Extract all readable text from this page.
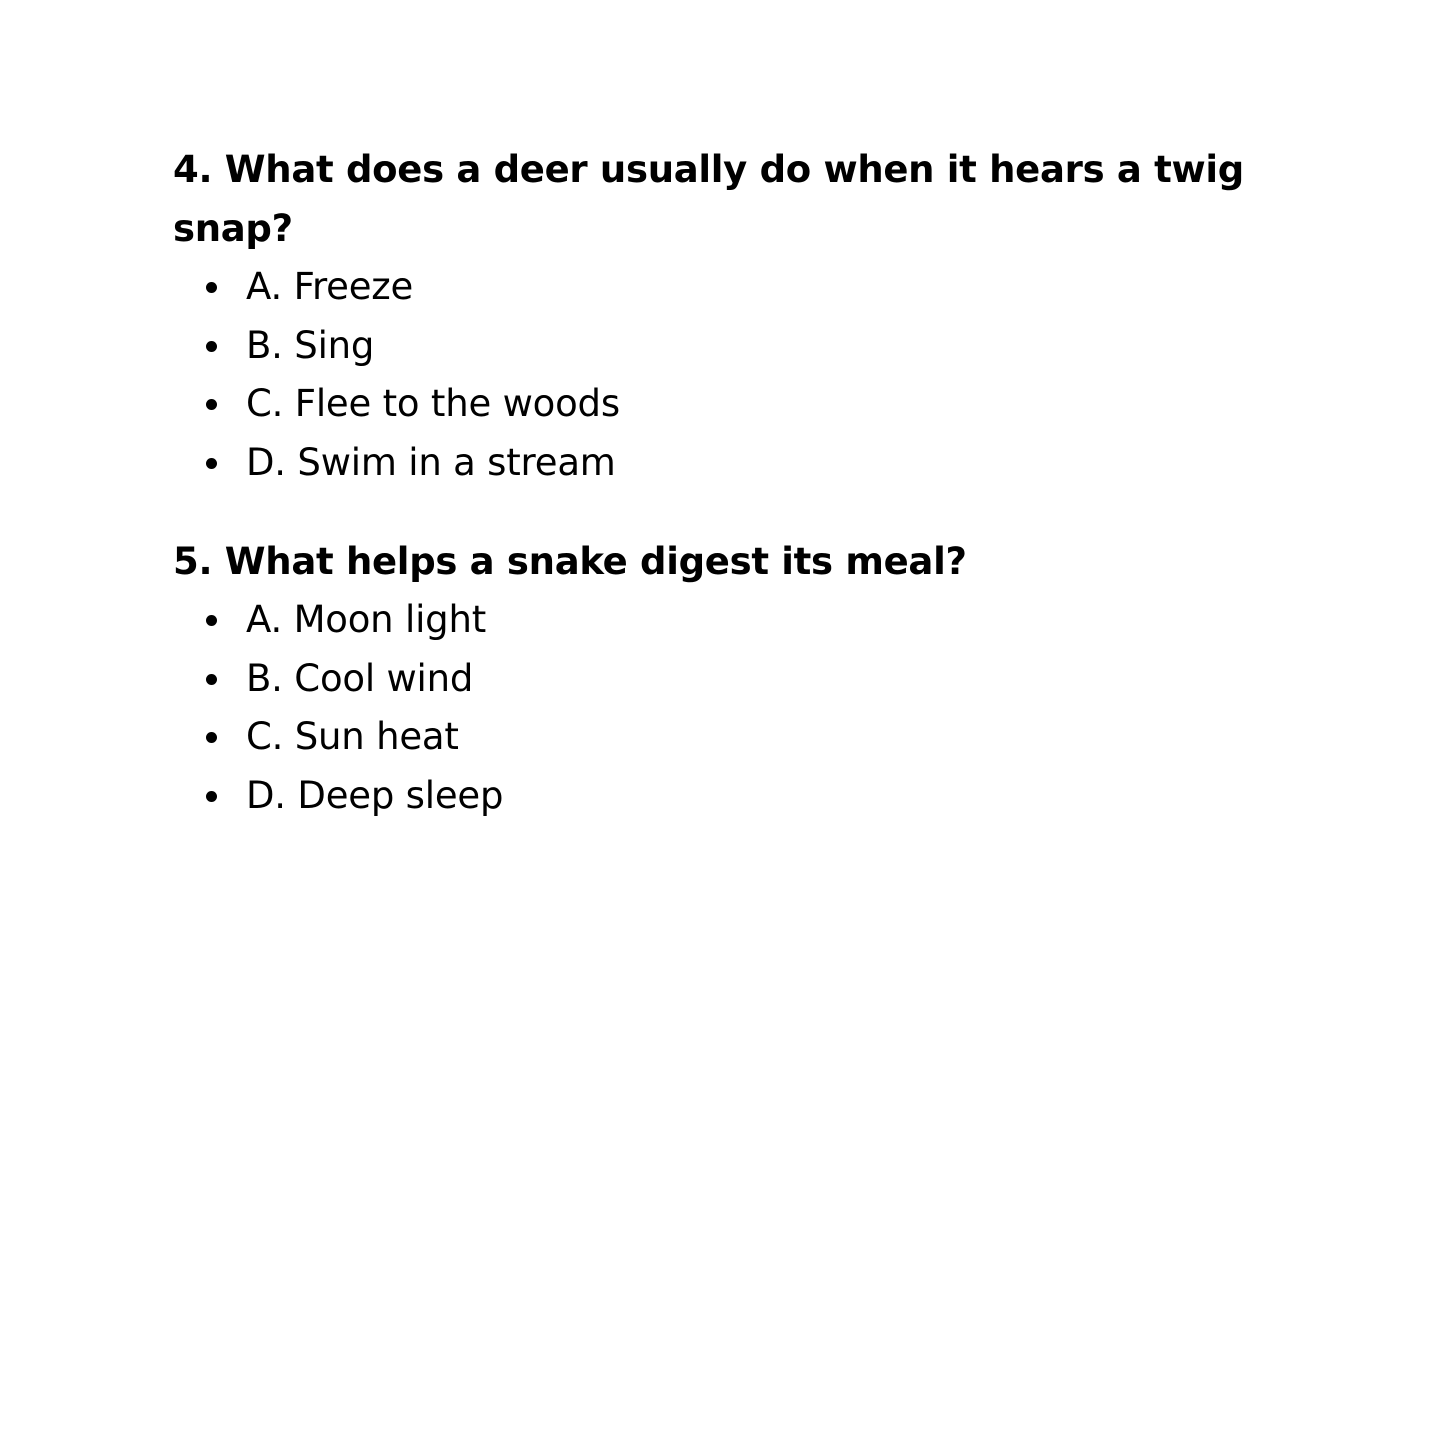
4. What does a deer usually do when it hears a twig snap?

A. Freeze
B. Sing
C. Flee to the woods
D. Swim in a stream

5. What helps a snake digest its meal?

A. Moon light
B. Cool wind
C. Sun heat
D. Deep sleep
